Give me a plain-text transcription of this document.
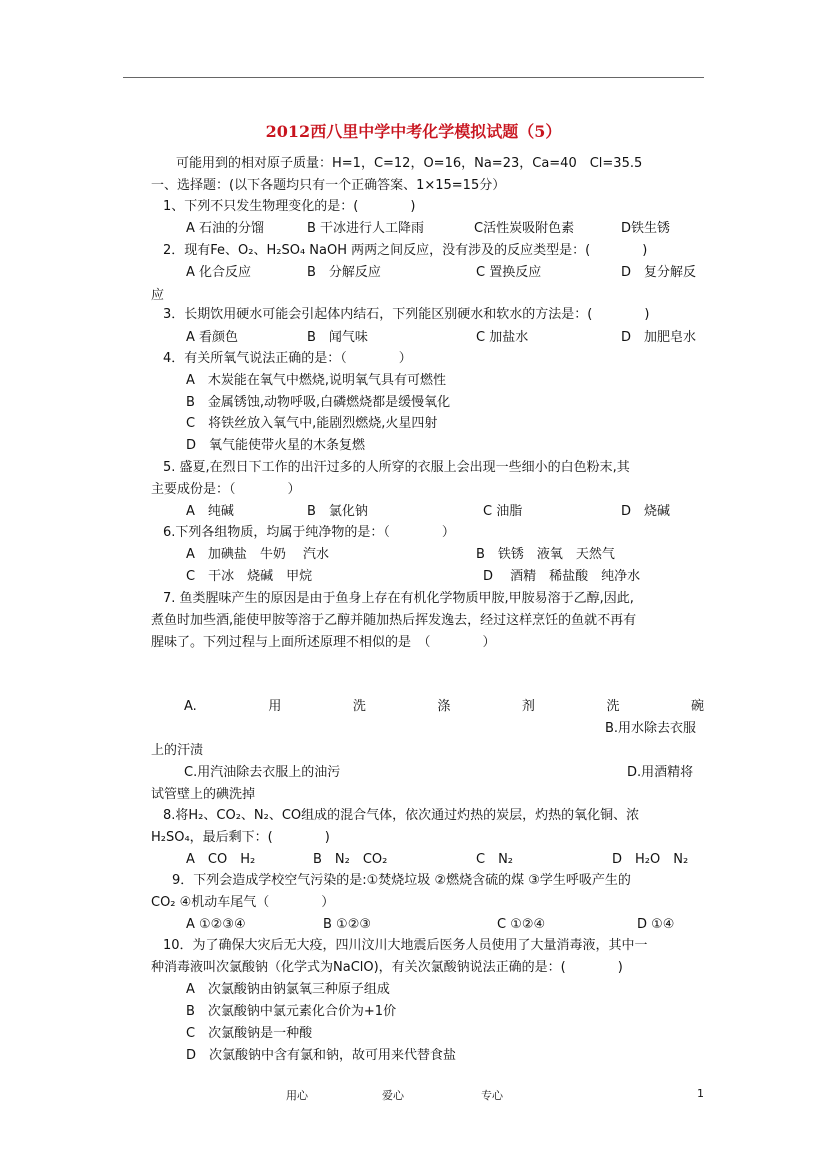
2012西八里中学中考化学模拟试题（5）
可能用到的相对原子质量：H=1，C=12，O=16，Na=23，Ca=40　Cl=35.5
一、选择题：(以下各题均只有一个正确答案、1×15=15分）
1、下列不只发生物理变化的是：(　　　　)
A 石油的分馏	B 干冰进行人工降雨	C活性炭吸附色素	D铁生锈
2．现有Fe、O₂、H₂SO₄ NaOH 两两之间反应，没有涉及的反应类型是：(　　　　)
A 化合反应	B　分解反应	C 置换反应	D　复分解反
应
3．长期饮用硬水可能会引起体内结石，下列能区别硬水和软水的方法是：(　　　　)
A 看颜色	B　闻气味	C 加盐水	D　加肥皂水
4．有关所氧气说法正确的是：（　　　　）
A　木炭能在氧气中燃烧,说明氧气具有可燃性
B　金属锈蚀,动物呼吸,白磷燃烧都是缓慢氧化
C　将铁丝放入氧气中,能剧烈燃烧,火星四射
D　氧气能使带火星的木条复燃
5. 盛夏,在烈日下工作的出汗过多的人所穿的衣服上会出现一些细小的白色粉末,其
主要成份是：（　　　　）
A　纯碱	B　氯化钠	C 油脂	D　烧碱
6.下列各组物质，均属于纯净物的是：（　　　　）
A　加碘盐　牛奶　 汽水	B　铁锈　液氧　天然气
C　干冰　烧碱　甲烷	D　 酒精　稀盐酸　纯净水
7. 鱼类腥味产生的原因是由于鱼身上存在有机化学物质甲胺,甲胺易溶于乙醇,因此,
煮鱼时加些酒,能使甲胺等溶于乙醇并随加热后挥发逸去，经过这样烹饪的鱼就不再有
腥味了。下列过程与上面所述原理不相似的是　（　　　　）
A.　用　洗　涤　剂　洗　碗
B.用水除去衣服
上的汗渍
C.用汽油除去衣服上的油污	D.用酒精将
试管壁上的碘洗掉
8.将H₂、CO₂、N₂、CO组成的混合气体，依次通过灼热的炭层，灼热的氧化铜、浓
H₂SO₄，最后剩下：(　　　　)
A　CO　H₂	B　N₂　CO₂	C　N₂	D　H₂O　N₂
9．下列会造成学校空气污染的是:①焚烧垃圾 ②燃烧含硫的煤 ③学生呼吸产生的
CO₂ ④机动车尾气（　　　　）
A ①②③④	B ①②③	C ①②④	D ①④
10．为了确保大灾后无大疫，四川汶川大地震后医务人员使用了大量消毒液，其中一
种消毒液叫次氯酸钠（化学式为NaClO)，有关次氯酸钠说法正确的是：(　　　　)
A　次氯酸钠由钠氯氧三种原子组成
B　次氯酸钠中氯元素化合价为+1价
C　次氯酸钠是一种酸
D　次氯酸钠中含有氯和钠，故可用来代替食盐
用心	爱心	专心	1
